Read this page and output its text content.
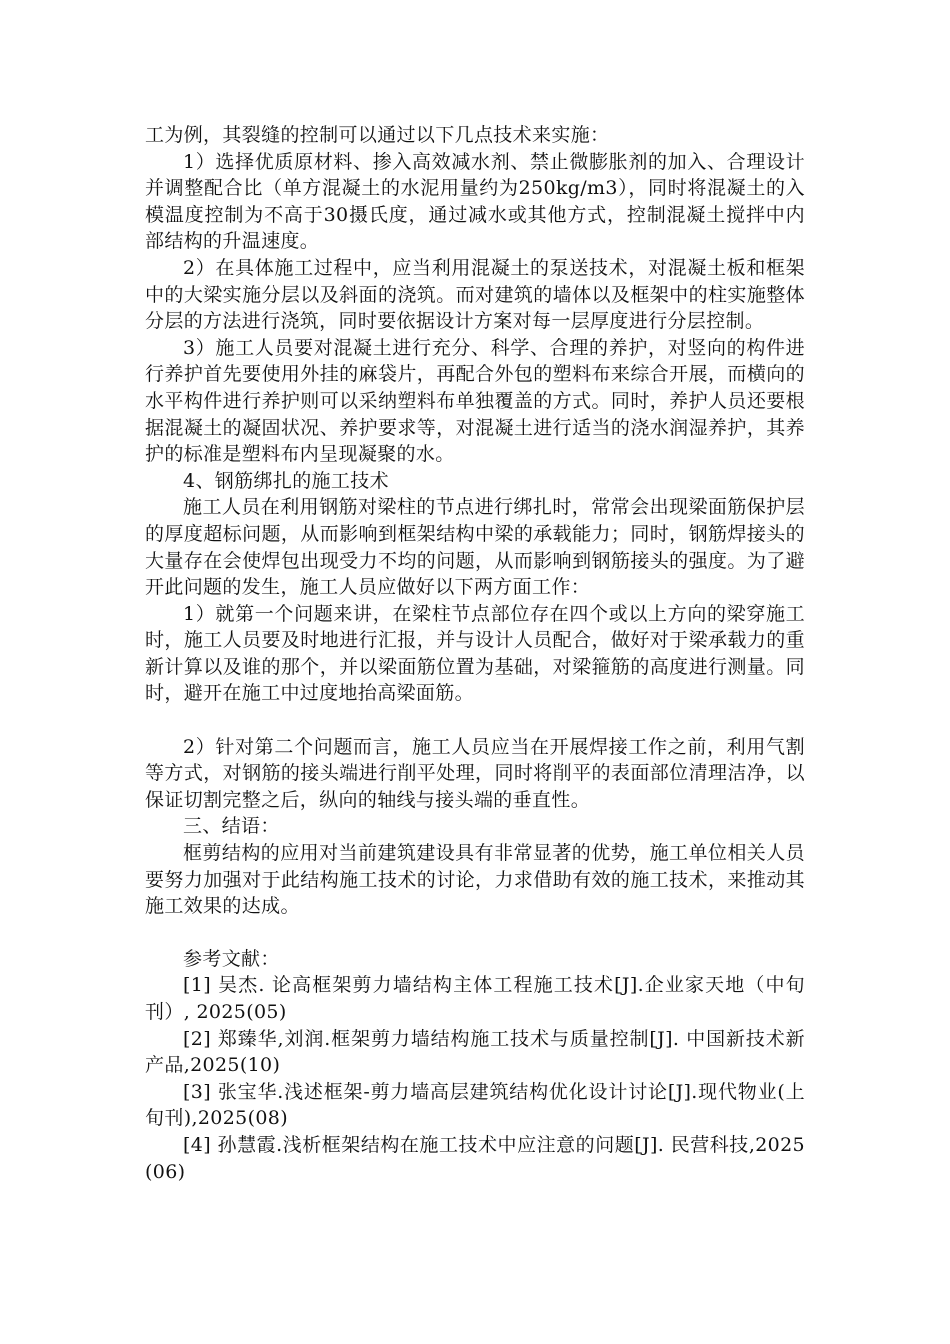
工为例，其裂缝的控制可以通过以下几点技术来实施：

1）选择优质原材料、掺入高效减水剂、禁止微膨胀剂的加入、合理设计并调整配合比（单方混凝土的水泥用量约为250kg/m3），同时将混凝土的入模温度控制为不高于30摄氏度，通过减水或其他方式，控制混凝土搅拌中内部结构的升温速度。

2）在具体施工过程中，应当利用混凝土的泵送技术，对混凝土板和框架中的大梁实施分层以及斜面的浇筑。而对建筑的墙体以及框架中的柱实施整体分层的方法进行浇筑，同时要依据设计方案对每一层厚度进行分层控制。

3）施工人员要对混凝土进行充分、科学、合理的养护，对竖向的构件进行养护首先要使用外挂的麻袋片，再配合外包的塑料布来综合开展，而横向的水平构件进行养护则可以采纳塑料布单独覆盖的方式。同时，养护人员还要根据混凝土的凝固状况、养护要求等，对混凝土进行适当的浇水润湿养护，其养护的标准是塑料布内呈现凝聚的水。

4、钢筋绑扎的施工技术

施工人员在利用钢筋对梁柱的节点进行绑扎时，常常会出现梁面筋保护层的厚度超标问题，从而影响到框架结构中梁的承载能力；同时，钢筋焊接头的大量存在会使焊包出现受力不均的问题，从而影响到钢筋接头的强度。为了避开此问题的发生，施工人员应做好以下两方面工作：

1）就第一个问题来讲，在梁柱节点部位存在四个或以上方向的梁穿施工时，施工人员要及时地进行汇报，并与设计人员配合，做好对于梁承载力的重新计算以及谁的那个，并以梁面筋位置为基础，对梁箍筋的高度进行测量。同时，避开在施工中过度地抬高梁面筋。

2）针对第二个问题而言，施工人员应当在开展焊接工作之前，利用气割等方式，对钢筋的接头端进行削平处理，同时将削平的表面部位清理洁净，以保证切割完整之后，纵向的轴线与接头端的垂直性。

三、结语：

框剪结构的应用对当前建筑建设具有非常显著的优势，施工单位相关人员要努力加强对于此结构施工技术的讨论，力求借助有效的施工技术，来推动其施工效果的达成。

参考文献：

[1] 吴杰. 论高框架剪力墙结构主体工程施工技术[J].企业家天地（中旬刊）, 2025(05)

[2] 郑臻华,刘润.框架剪力墙结构施工技术与质量控制[J]. 中国新技术新产品,2025(10)

[3] 张宝华.浅述框架-剪力墙高层建筑结构优化设计讨论[J].现代物业(上旬刊),2025(08)

[4] 孙慧霞.浅析框架结构在施工技术中应注意的问题[J]. 民营科技,2025(06)
